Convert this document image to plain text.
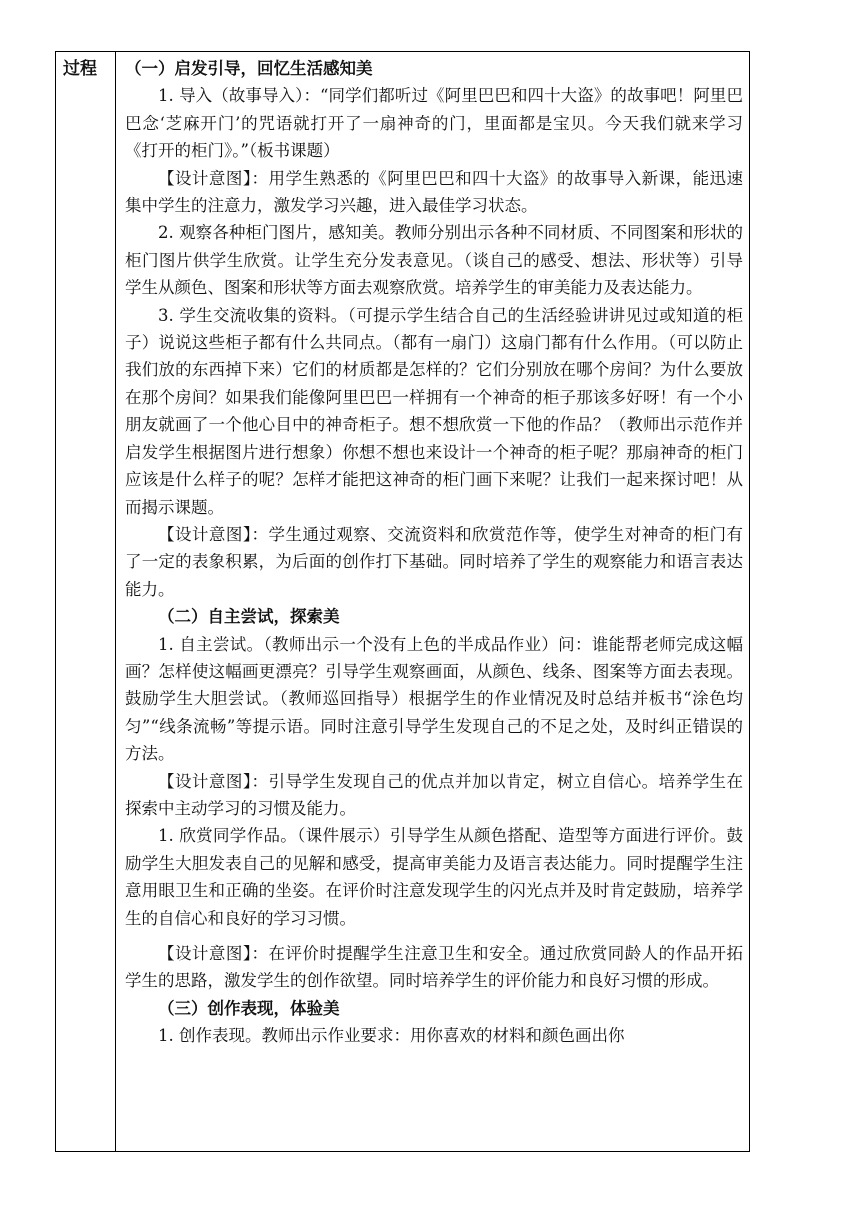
过程	（一）启发引导，回忆生活感知美

1. 导入（故事导入）：“同学们都听过《阿里巴巴和四十大盗》的故事吧！阿里巴巴念‘芝麻开门’的咒语就打开了一扇神奇的门，里面都是宝贝。今天我们就来学习《打开的柜门》。”（板书课题）

【设计意图】：用学生熟悉的《阿里巴巴和四十大盗》的故事导入新课，能迅速集中学生的注意力，激发学习兴趣，进入最佳学习状态。

2. 观察各种柜门图片，感知美。教师分别出示各种不同材质、不同图案和形状的柜门图片供学生欣赏。让学生充分发表意见。（谈自己的感受、想法、形状等）引导学生从颜色、图案和形状等方面去观察欣赏。培养学生的审美能力及表达能力。

3. 学生交流收集的资料。（可提示学生结合自己的生活经验讲讲见过或知道的柜子）说说这些柜子都有什么共同点。（都有一扇门）这扇门都有什么作用。（可以防止我们放的东西掉下来）它们的材质都是怎样的？它们分别放在哪个房间？为什么要放在那个房间？如果我们能像阿里巴巴一样拥有一个神奇的柜子那该多好呀！有一个小朋友就画了一个他心目中的神奇柜子。想不想欣赏一下他的作品？（教师出示范作并启发学生根据图片进行想象）你想不想也来设计一个神奇的柜子呢？那扇神奇的柜门应该是什么样子的呢？怎样才能把这神奇的柜门画下来呢？让我们一起来探讨吧！从而揭示课题。

【设计意图】：学生通过观察、交流资料和欣赏范作等，使学生对神奇的柜门有了一定的表象积累，为后面的创作打下基础。同时培养了学生的观察能力和语言表达能力。

（二）自主尝试，探索美

1. 自主尝试。（教师出示一个没有上色的半成品作业）问：谁能帮老师完成这幅画？怎样使这幅画更漂亮？引导学生观察画面，从颜色、线条、图案等方面去表现。鼓励学生大胆尝试。（教师巡回指导）根据学生的作业情况及时总结并板书“涂色均匀”“线条流畅”等提示语。同时注意引导学生发现自己的不足之处，及时纠正错误的方法。

【设计意图】：引导学生发现自己的优点并加以肯定，树立自信心。培养学生在探索中主动学习的习惯及能力。

1. 欣赏同学作品。（课件展示）引导学生从颜色搭配、造型等方面进行评价。鼓励学生大胆发表自己的见解和感受，提高审美能力及语言表达能力。同时提醒学生注意用眼卫生和正确的坐姿。在评价时注意发现学生的闪光点并及时肯定鼓励，培养学生的自信心和良好的学习习惯。

【设计意图】：在评价时提醒学生注意卫生和安全。通过欣赏同龄人的作品开拓学生的思路，激发学生的创作欲望。同时培养学生的评价能力和良好习惯的形成。

（三）创作表现，体验美

1. 创作表现。教师出示作业要求：用你喜欢的材料和颜色画出你
